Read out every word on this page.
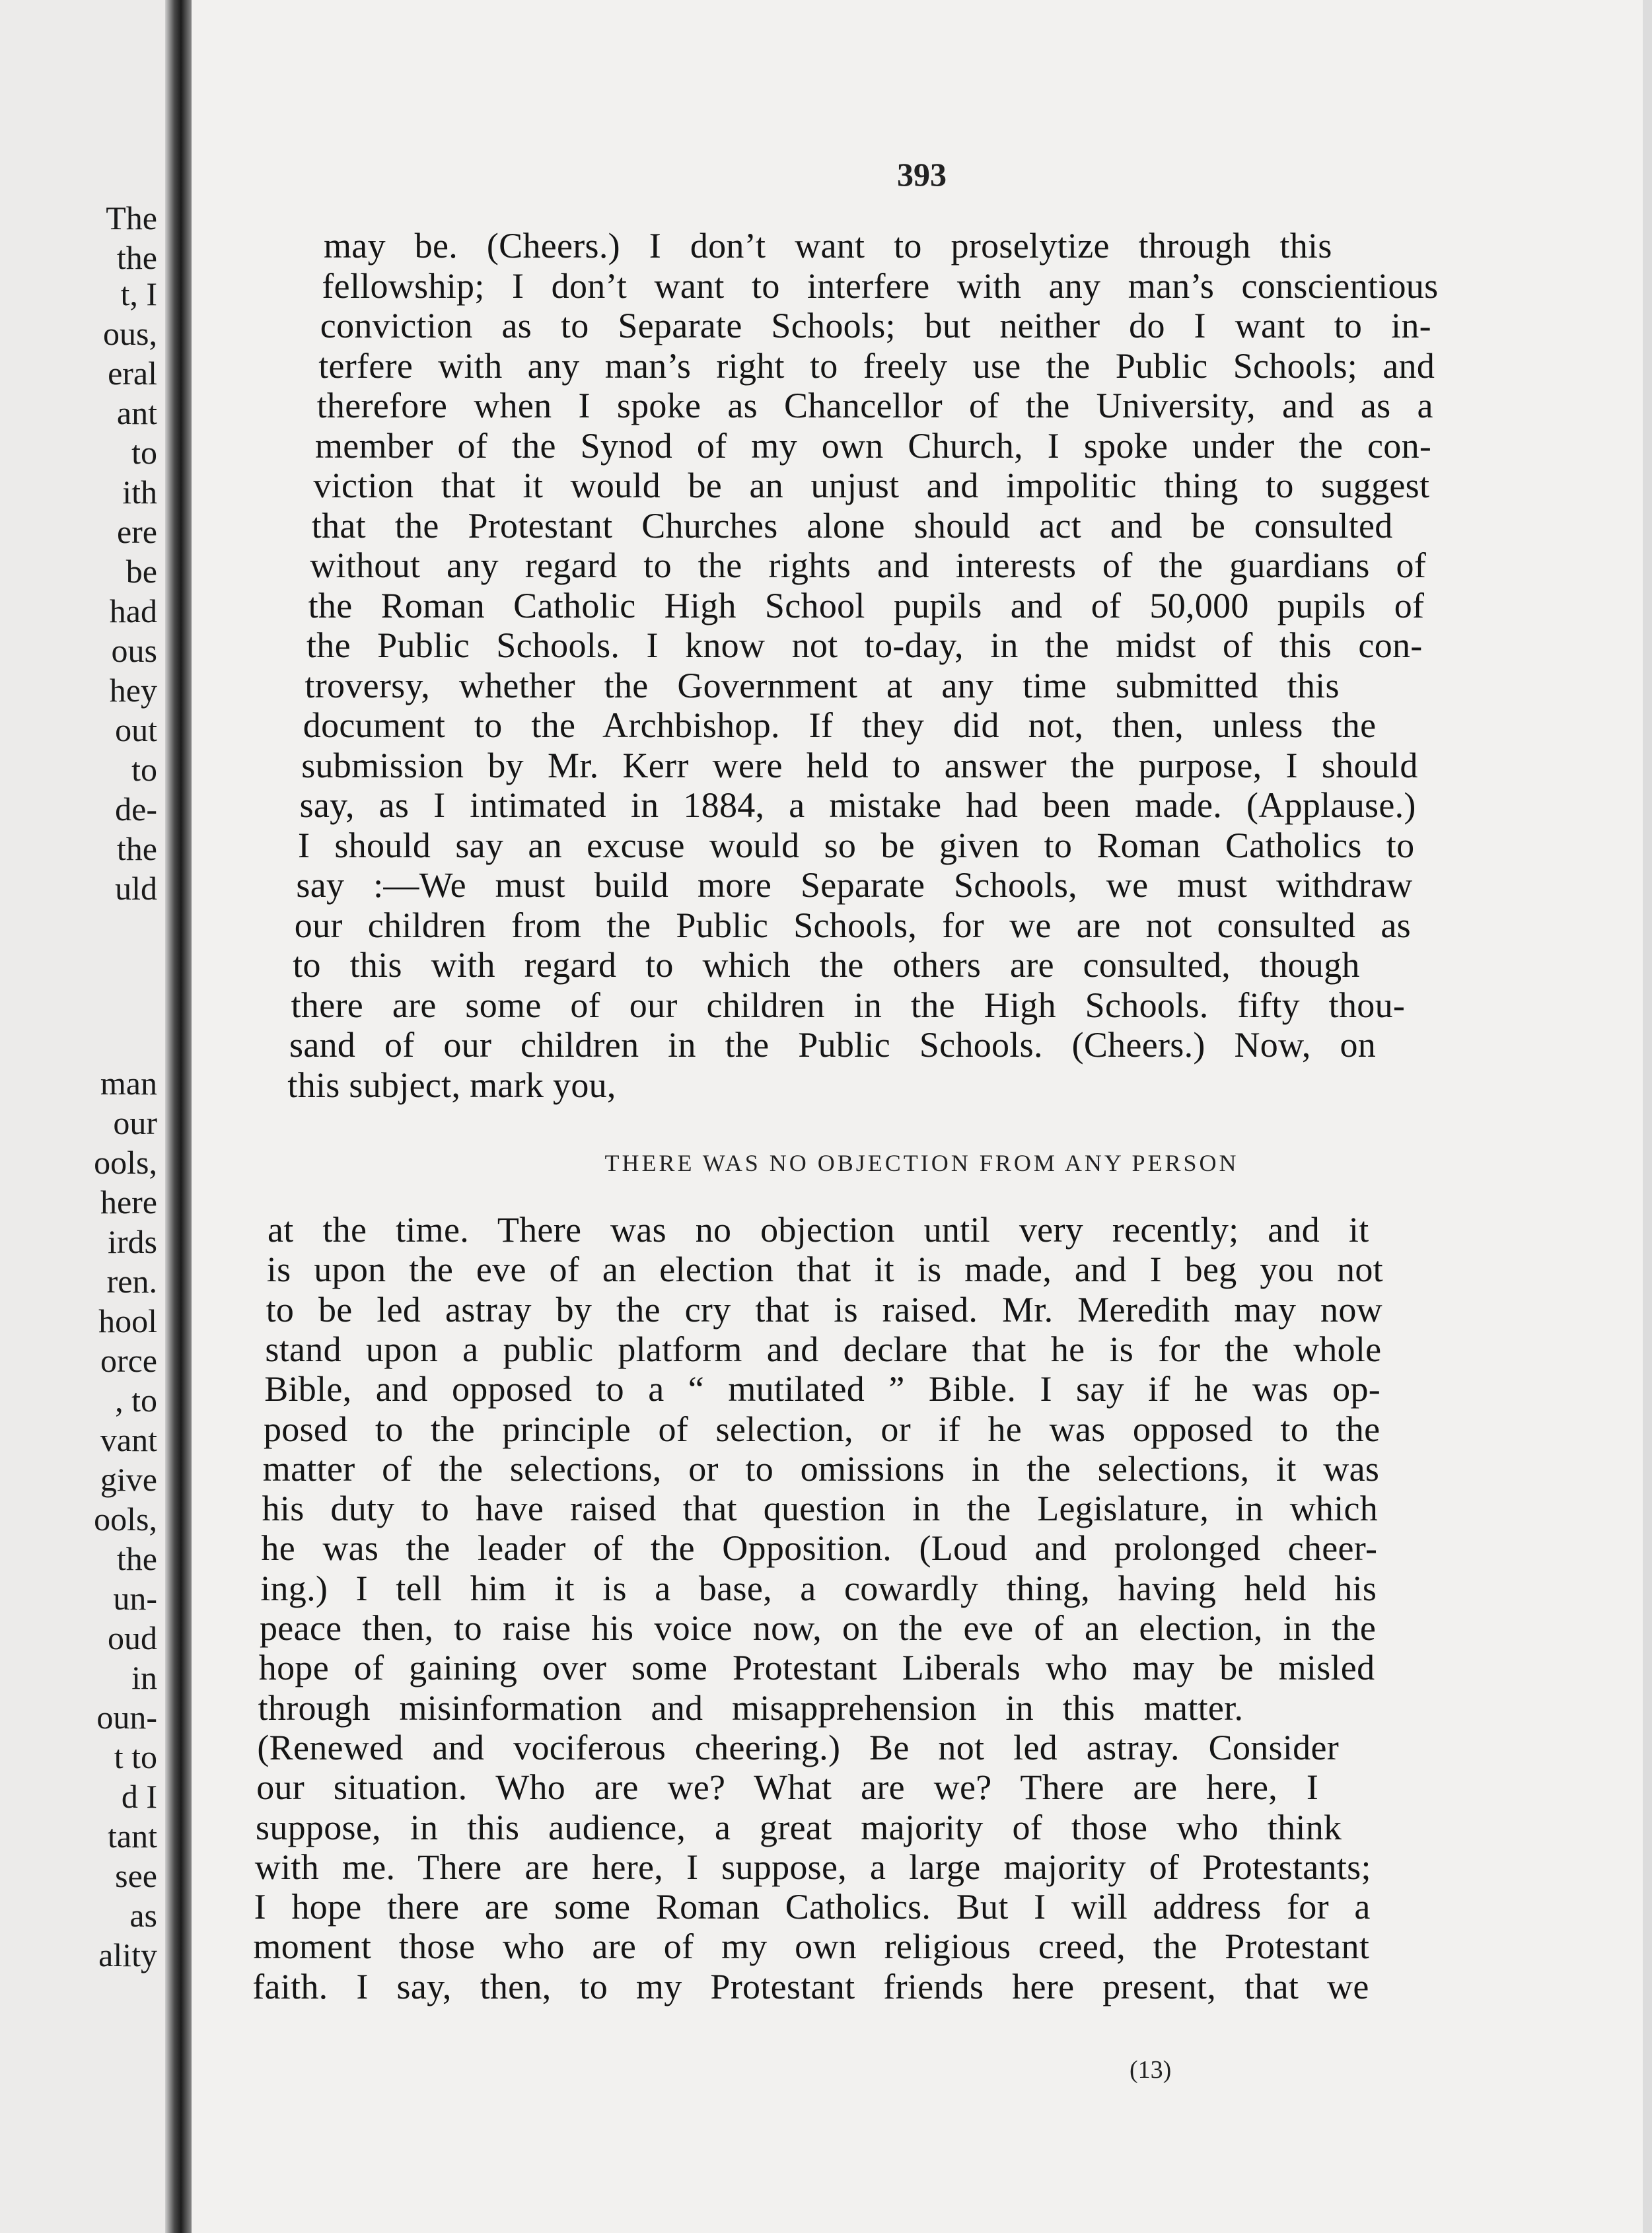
The
the
t, I
ous,
eral
ant
to
ith
ere
be
had
ous
hey
out
to
de-
the
uld
man
our
ools,
here
irds
ren.
hool
orce
, to
vant
give
ools,
the
un-
oud
in
oun-
t to
d I
tant
see
as
ality
393
THERE WAS NO OBJECTION FROM ANY PERSON
(13)
may be. (Cheers.) I don’t want to proselytize through this
fellowship; I don’t want to interfere with any man’s conscientious
conviction as to Separate Schools; but neither do I want to in-
terfere with any man’s right to freely use the Public Schools; and
therefore when I spoke as Chancellor of the University, and as a
member of the Synod of my own Church, I spoke under the con-
viction that it would be an unjust and impolitic thing to suggest
that the Protestant Churches alone should act and be consulted
without any regard to the rights and interests of the guardians of
the Roman Catholic High School pupils and of 50,000 pupils of
the Public Schools. I know not to-day, in the midst of this con-
troversy, whether the Government at any time submitted this
document to the Archbishop. If they did not, then, unless the
submission by Mr. Kerr were held to answer the purpose, I should
say, as I intimated in 1884, a mistake had been made. (Applause.)
I should say an excuse would so be given to Roman Catholics to
say :—We must build more Separate Schools, we must withdraw
our children from the Public Schools, for we are not consulted as
to this with regard to which the others are consulted, though
there are some of our children in the High Schools. fifty thou-
sand of our children in the Public Schools. (Cheers.) Now, on
this subject, mark you,
at the time. There was no objection until very recently; and it
is upon the eve of an election that it is made, and I beg you not
to be led astray by the cry that is raised. Mr. Meredith may now
stand upon a public platform and declare that he is for the whole
Bible, and opposed to a “ mutilated ” Bible. I say if he was op-
posed to the principle of selection, or if he was opposed to the
matter of the selections, or to omissions in the selections, it was
his duty to have raised that question in the Legislature, in which
he was the leader of the Opposition. (Loud and prolonged cheer-
ing.) I tell him it is a base, a cowardly thing, having held his
peace then, to raise his voice now, on the eve of an election, in the
hope of gaining over some Protestant Liberals who may be misled
through misinformation and misapprehension in this matter.
(Renewed and vociferous cheering.) Be not led astray. Consider
our situation. Who are we? What are we? There are here, I
suppose, in this audience, a great majority of those who think
with me. There are here, I suppose, a large majority of Protestants;
I hope there are some Roman Catholics. But I will address for a
moment those who are of my own religious creed, the Protestant
faith. I say, then, to my Protestant friends here present, that we
